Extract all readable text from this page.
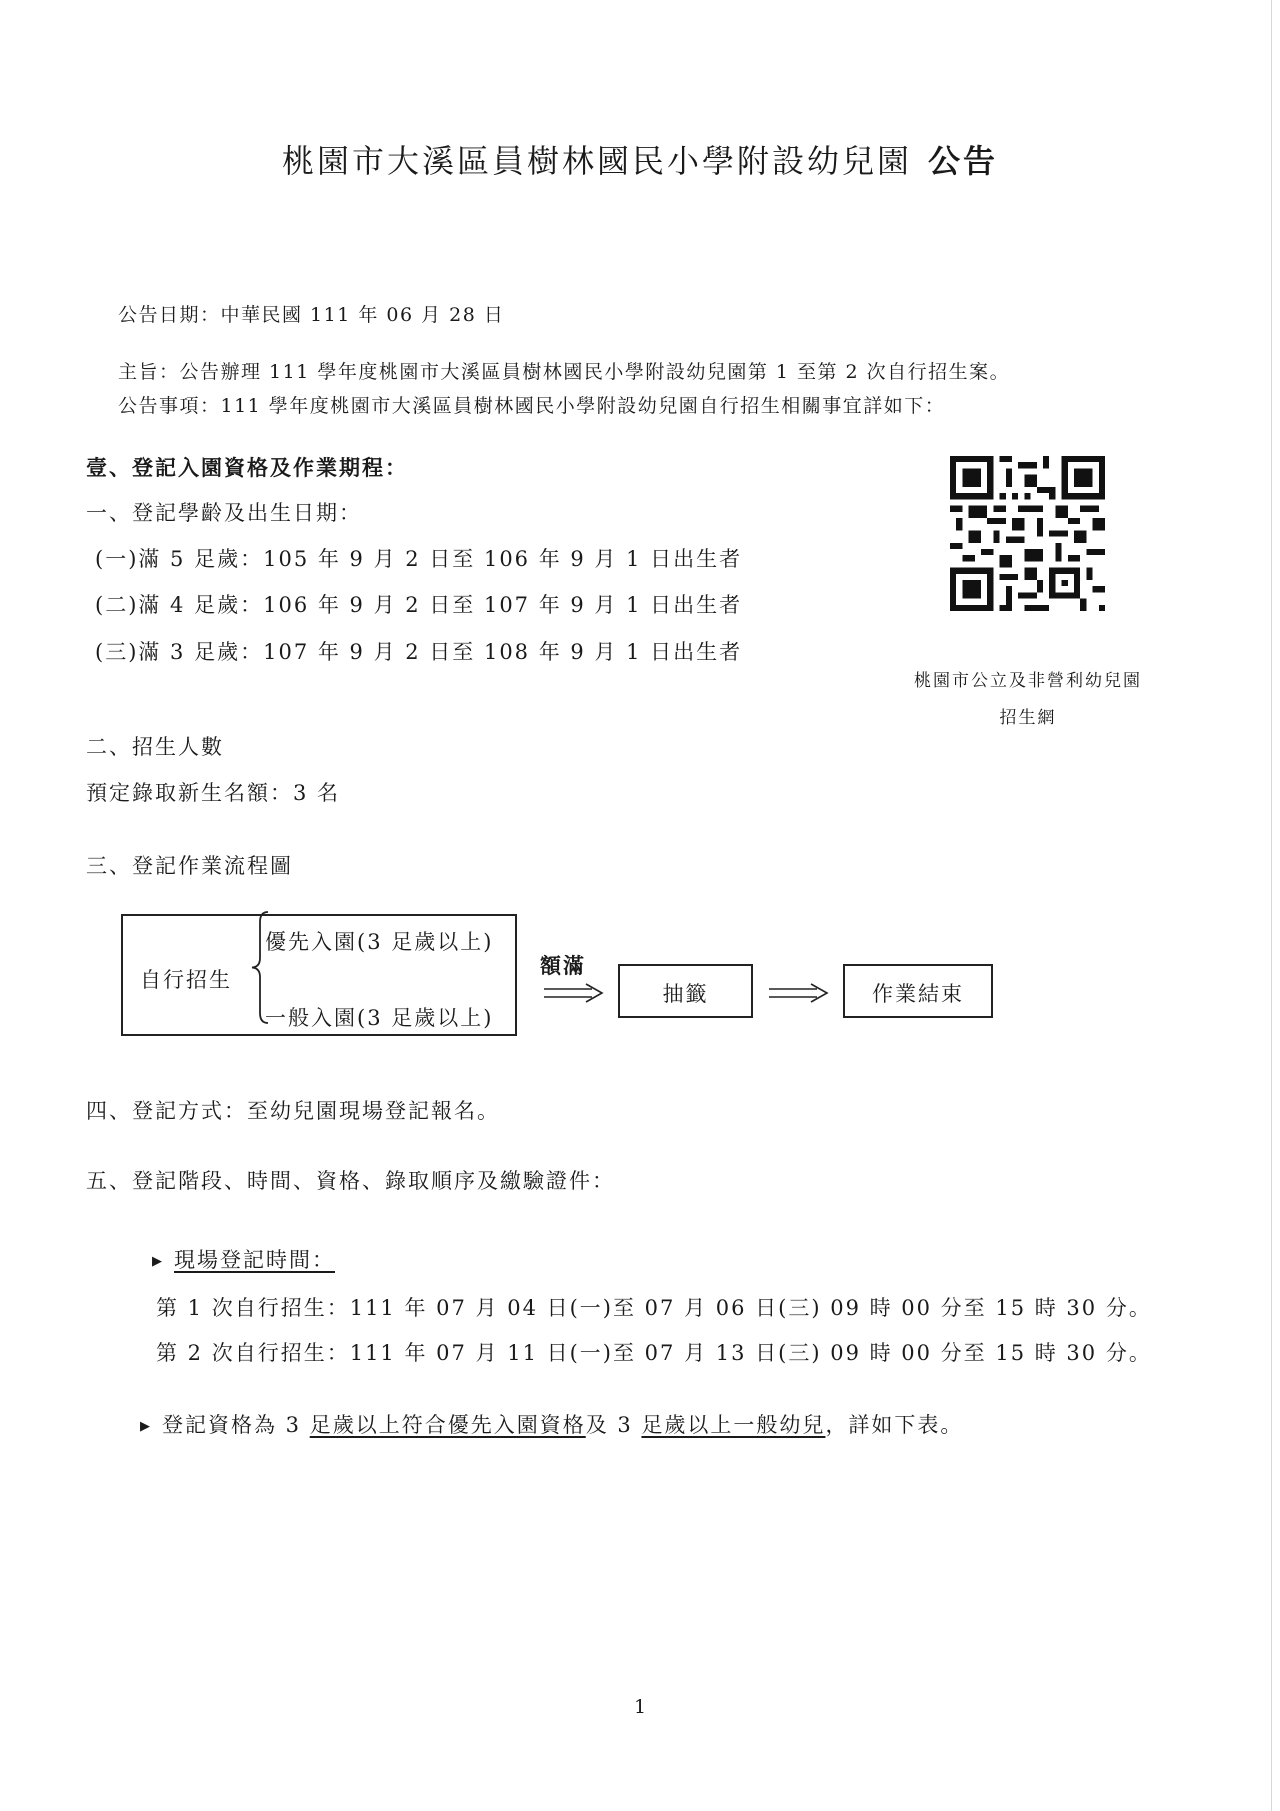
桃園市大溪區員樹林國民小學附設幼兒園 公告
公告日期：中華民國 111 年 06 月 28 日
主旨：公告辦理 111 學年度桃園市大溪區員樹林國民小學附設幼兒園第 1 至第 2 次自行招生案。
公告事項：111 學年度桃園市大溪區員樹林國民小學附設幼兒園自行招生相關事宜詳如下：
壹、登記入園資格及作業期程：
一、登記學齡及出生日期：
(一)滿 5 足歲：105 年 9 月 2 日至 106 年 9 月 1 日出生者
(二)滿 4 足歲：106 年 9 月 2 日至 107 年 9 月 1 日出生者
(三)滿 3 足歲：107 年 9 月 2 日至 108 年 9 月 1 日出生者
桃園市公立及非營利幼兒園
招生網
二、招生人數
預定錄取新生名額：3 名
三、登記作業流程圖
自行招生
優先入園(3 足歲以上)
一般入園(3 足歲以上)
額滿
抽籤	作業結束
四、登記方式：至幼兒園現場登記報名。
五、登記階段、時間、資格、錄取順序及繳驗證件：
▶ 現場登記時間：
第 1 次自行招生：111 年 07 月 04 日(一)至 07 月 06 日(三) 09 時 00 分至 15 時 30 分。
第 2 次自行招生：111 年 07 月 11 日(一)至 07 月 13 日(三) 09 時 00 分至 15 時 30 分。
▶ 登記資格為 3 足歲以上符合優先入園資格及 3 足歲以上一般幼兒，詳如下表。
1
